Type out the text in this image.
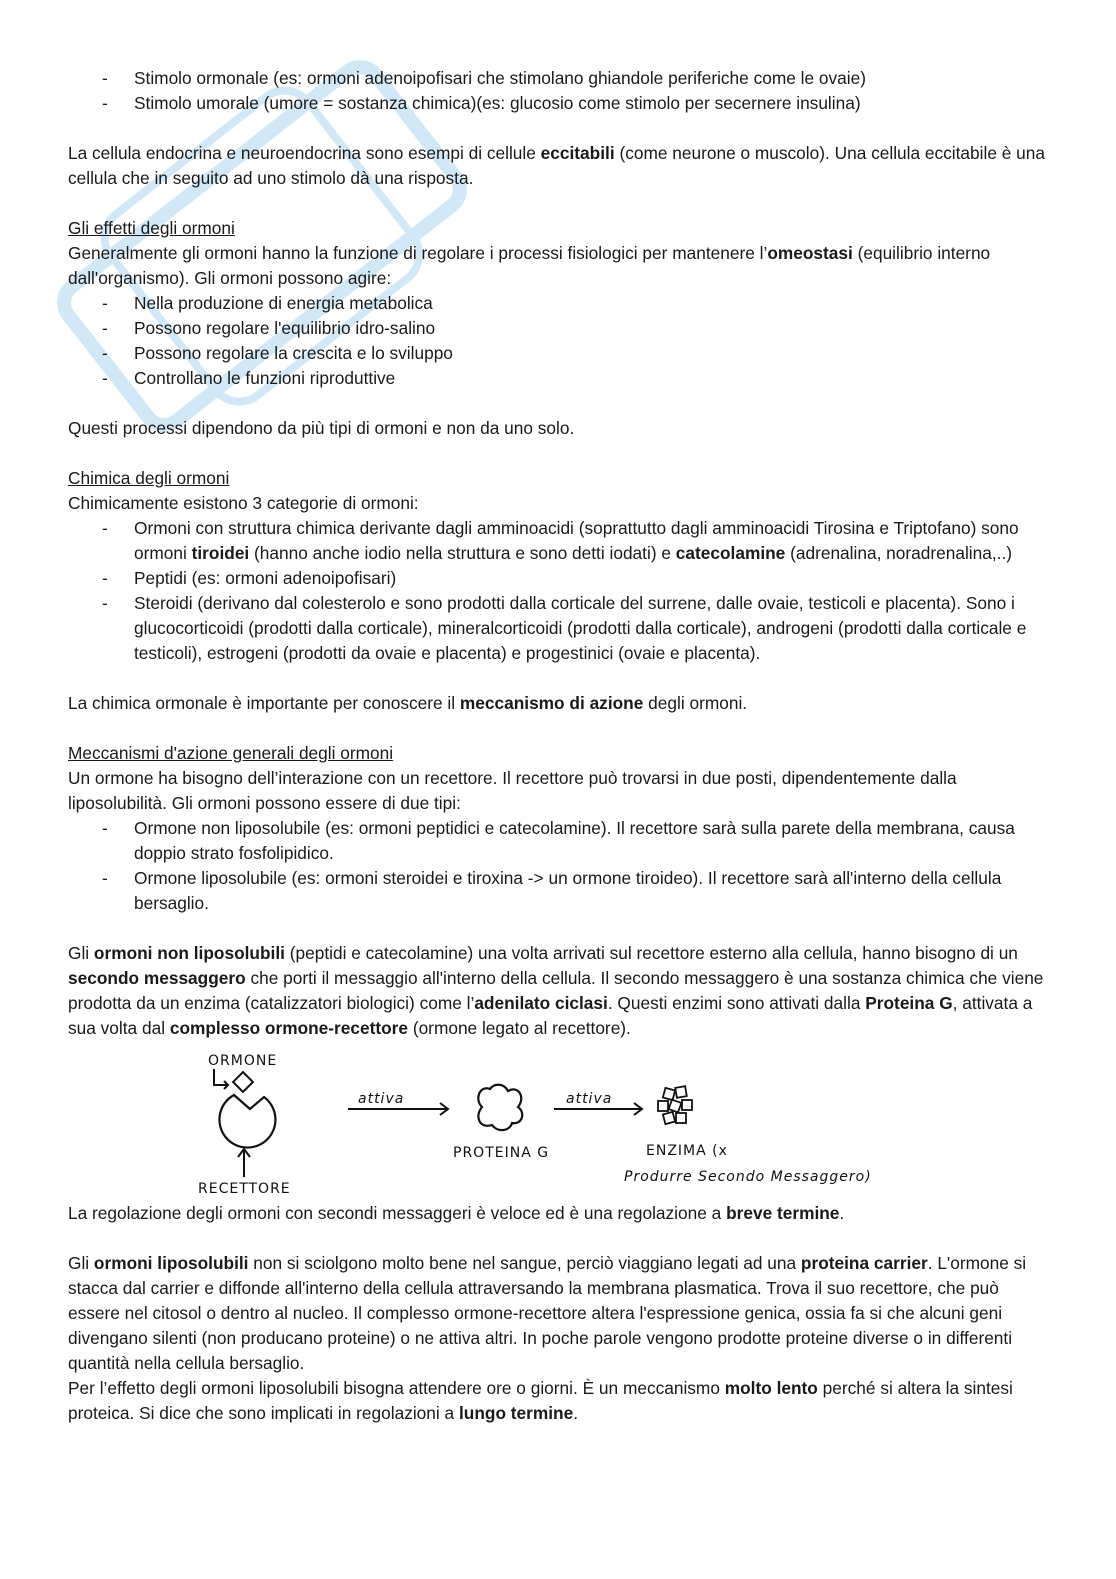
- Stimolo ormonale (es: ormoni adenoipofisari che stimolano ghiandole periferiche come le ovaie)
- Stimolo umorale (umore = sostanza chimica)(es: glucosio come stimolo per secernere insulina)

La cellula endocrina e neuroendocrina sono esempi di cellule eccitabili (come neurone o muscolo). Una cellula eccitabile è una cellula che in seguito ad uno stimolo dà una risposta.

Gli effetti degli ormoni

Generalmente gli ormoni hanno la funzione di regolare i processi fisiologici per mantenere l’omeostasi (equilibrio interno dall'organismo). Gli ormoni possono agire:

- Nella produzione di energia metabolica
- Possono regolare l'equilibrio idro-salino
- Possono regolare la crescita e lo sviluppo
- Controllano le funzioni riproduttive

Questi processi dipendono da più tipi di ormoni e non da uno solo.

Chimica degli ormoni

Chimicamente esistono 3 categorie di ormoni:

- Ormoni con struttura chimica derivante dagli amminoacidi (soprattutto dagli amminoacidi Tirosina e Triptofano) sono ormoni tiroidei (hanno anche iodio nella struttura e sono detti iodati) e catecolamine (adrenalina, noradrenalina,..)
- Peptidi (es: ormoni adenoipofisari)
- Steroidi (derivano dal colesterolo e sono prodotti dalla corticale del surrene, dalle ovaie, testicoli e placenta). Sono i glucocorticoidi (prodotti dalla corticale), mineralcorticoidi (prodotti dalla corticale), androgeni (prodotti dalla corticale e testicoli), estrogeni (prodotti da ovaie e placenta) e progestinici (ovaie e placenta).

La chimica ormonale è importante per conoscere il meccanismo di azione degli ormoni.

Meccanismi d'azione generali degli ormoni

Un ormone ha bisogno dell’interazione con un recettore. Il recettore può trovarsi in due posti, dipendentemente dalla liposolubilità. Gli ormoni possono essere di due tipi:

- Ormone non liposolubile (es: ormoni peptidici e catecolamine). Il recettore sarà sulla parete della membrana, causa doppio strato fosfolipidico.
- Ormone liposolubile (es: ormoni steroidei e tiroxina -> un ormone tiroideo). Il recettore sarà all'interno della cellula bersaglio.

Gli ormoni non liposolubili (peptidi e catecolamine) una volta arrivati sul recettore esterno alla cellula, hanno bisogno di un secondo messaggero che porti il messaggio all'interno della cellula. Il secondo messaggero è una sostanza chimica che viene prodotta da un enzima (catalizzatori biologici) come l’adenilato ciclasi. Questi enzimi sono attivati dalla Proteina G, attivata a sua volta dal complesso ormone-recettore (ormone legato al recettore).

ORMONE
RECETTORE
attiva
PROTEINA G
attiva
ENZIMA (x
Produrre Secondo Messaggero)

La regolazione degli ormoni con secondi messaggeri è veloce ed è una regolazione a breve termine.

Gli ormoni liposolubili non si sciolgono molto bene nel sangue, perciò viaggiano legati ad una proteina carrier. L'ormone si stacca dal carrier e diffonde all'interno della cellula attraversando la membrana plasmatica. Trova il suo recettore, che può essere nel citosol o dentro al nucleo. Il complesso ormone-recettore altera l'espressione genica, ossia fa si che alcuni geni divengano silenti (non producano proteine) o ne attiva altri. In poche parole vengono prodotte proteine diverse o in differenti quantità nella cellula bersaglio.

Per l’effetto degli ormoni liposolubili bisogna attendere ore o giorni. È un meccanismo molto lento perché si altera la sintesi proteica. Si dice che sono implicati in regolazioni a lungo termine.
